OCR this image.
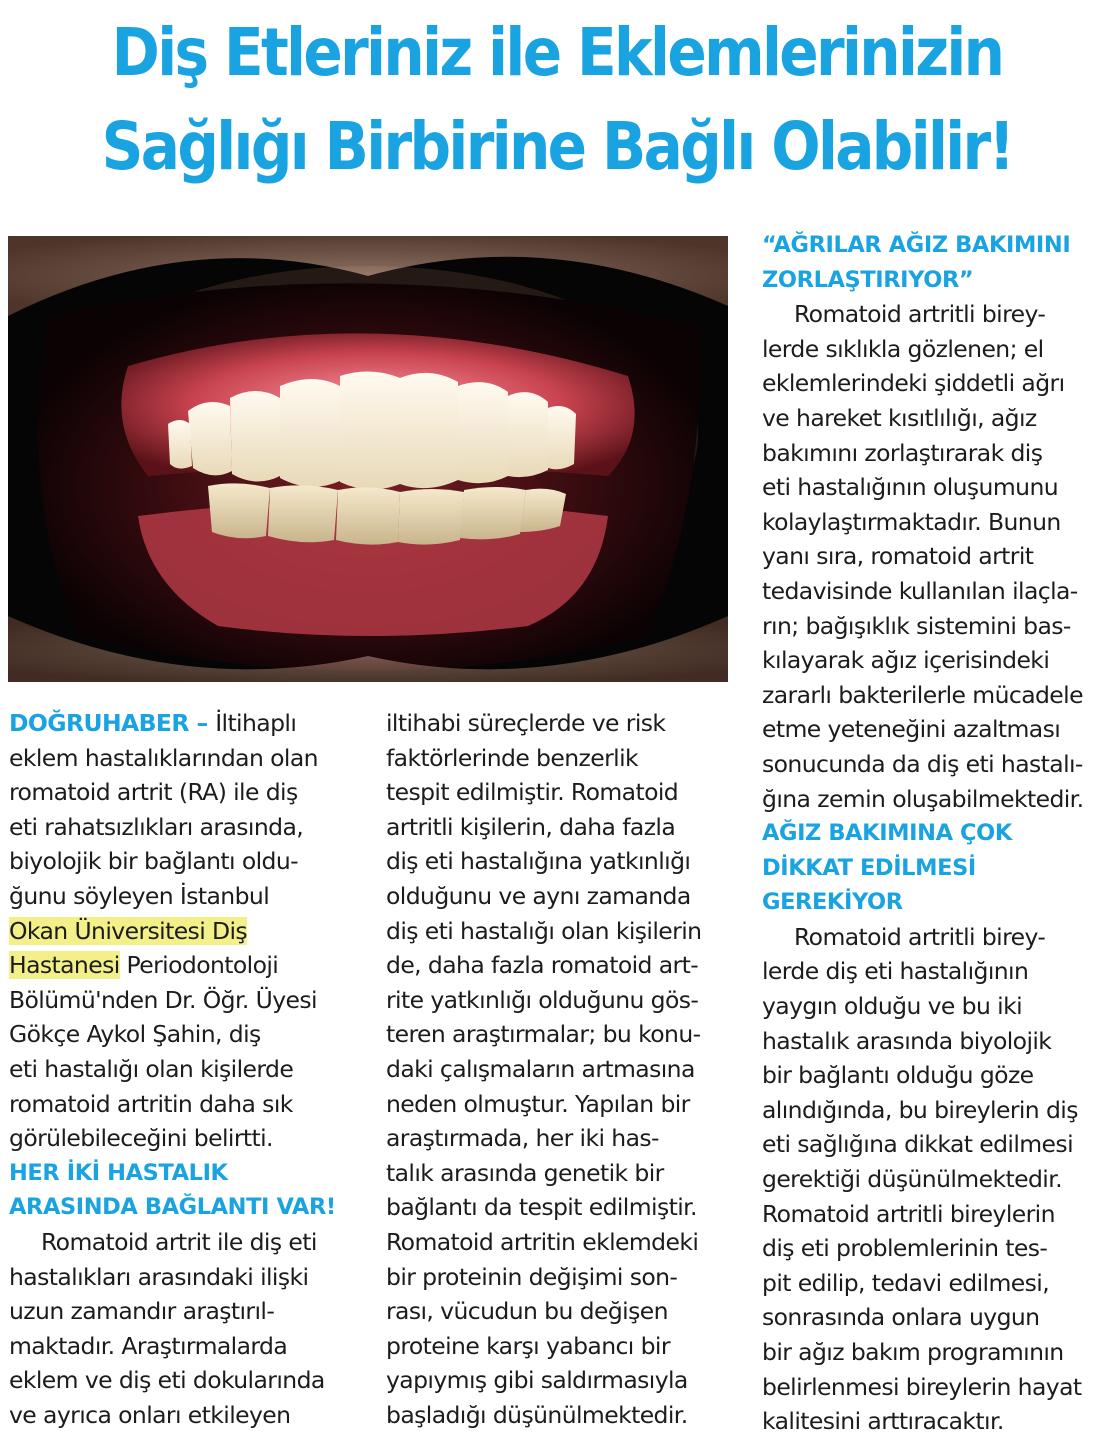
Diş Etleriniz ile Eklemlerinizin
Sağlığı Birbirine Bağlı Olabilir!

DOĞRUHABER – İltihaplı
eklem hastalıklarından olan
romatoid artrit (RA) ile diş
eti rahatsızlıkları arasında,
biyolojik bir bağlantı oldu-
ğunu söyleyen İstanbul
Okan Üniversitesi Diş
Hastanesi Periodontoloji
Bölümü'nden Dr. Öğr. Üyesi
Gökçe Aykol Şahin, diş
eti hastalığı olan kişilerde
romatoid artritin daha sık
görülebileceğini belirtti.

HER İKİ HASTALIK
ARASINDA BAĞLANTI VAR!

Romatoid artrit ile diş eti
hastalıkları arasındaki ilişki
uzun zamandır araştırıl-
maktadır. Araştırmalarda
eklem ve diş eti dokularında
ve ayrıca onları etkileyen

iltihabi süreçlerde ve risk
faktörlerinde benzerlik
tespit edilmiştir. Romatoid
artritli kişilerin, daha fazla
diş eti hastalığına yatkınlığı
olduğunu ve aynı zamanda
diş eti hastalığı olan kişilerin
de, daha fazla romatoid art-
rite yatkınlığı olduğunu gös-
teren araştırmalar; bu konu-
daki çalışmaların artmasına
neden olmuştur. Yapılan bir
araştırmada, her iki has-
talık arasında genetik bir
bağlantı da tespit edilmiştir.
Romatoid artritin eklemdeki
bir proteinin değişimi son-
rası, vücudun bu değişen
proteine karşı yabancı bir
yapıymış gibi saldırmasıyla
başladığı düşünülmektedir.

“AĞRILAR AĞIZ BAKIMINI
ZORLAŞTIRIYOR”

Romatoid artritli birey-
lerde sıklıkla gözlenen; el
eklemlerindeki şiddetli ağrı
ve hareket kısıtlılığı, ağız
bakımını zorlaştırarak diş
eti hastalığının oluşumunu
kolaylaştırmaktadır. Bunun
yanı sıra, romatoid artrit
tedavisinde kullanılan ilaçla-
rın; bağışıklık sistemini bas-
kılayarak ağız içerisindeki
zararlı bakterilerle mücadele
etme yeteneğini azaltması
sonucunda da diş eti hastalı-
ğına zemin oluşabilmektedir.

AĞIZ BAKIMINA ÇOK
DİKKAT EDİLMESİ
GEREKİYOR

Romatoid artritli birey-
lerde diş eti hastalığının
yaygın olduğu ve bu iki
hastalık arasında biyolojik
bir bağlantı olduğu göze
alındığında, bu bireylerin diş
eti sağlığına dikkat edilmesi
gerektiği düşünülmektedir.
Romatoid artritli bireylerin
diş eti problemlerinin tes-
pit edilip, tedavi edilmesi,
sonrasında onlara uygun
bir ağız bakım programının
belirlenmesi bireylerin hayat
kalitesini arttıracaktır.
